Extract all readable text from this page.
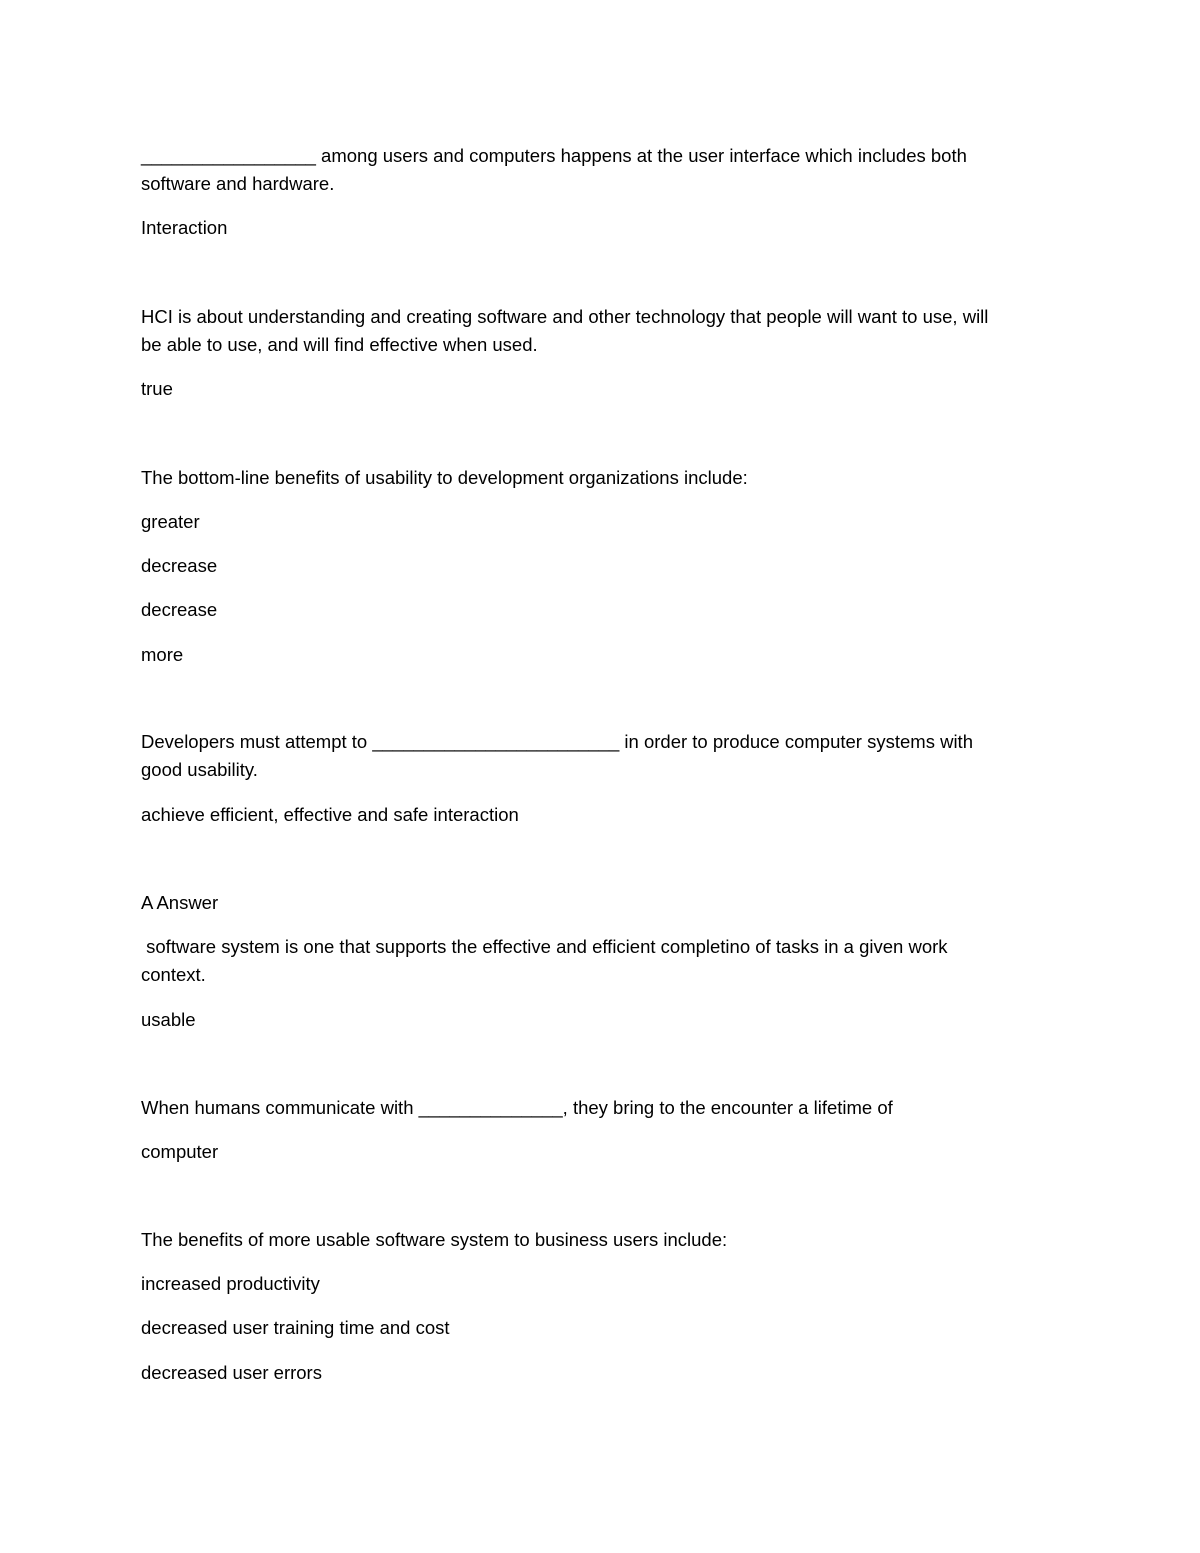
_________________ among users and computers happens at the user interface which includes both
software and hardware.
Interaction
HCI is about understanding and creating software and other technology that people will want to use, will
be able to use, and will find effective when used.
true
The bottom-line benefits of usability to development organizations include:
greater
decrease
decrease
more
Developers must attempt to ________________________ in order to produce computer systems with
good usability.
achieve efficient, effective and safe interaction
A Answer
software system is one that supports the effective and efficient completino of tasks in a given work
context.
usable
When humans communicate with ______________, they bring to the encounter a lifetime of
computer
The benefits of more usable software system to business users include:
increased productivity
decreased user training time and cost
decreased user errors
